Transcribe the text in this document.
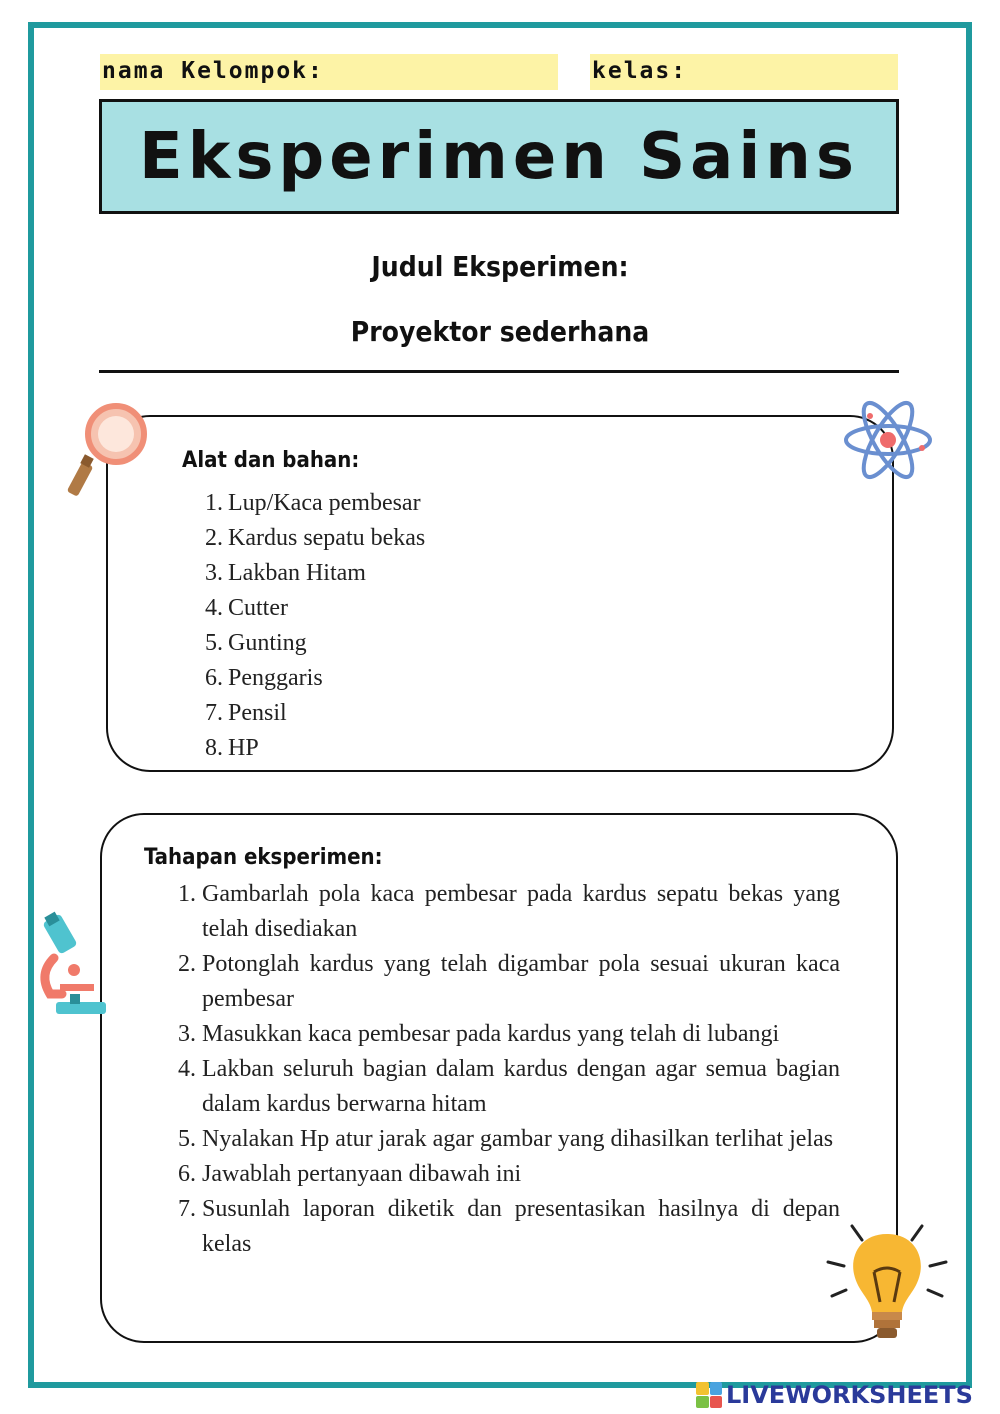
nama Kelompok:	kelas:
Eksperimen Sains
Judul Eksperimen:
Proyektor sederhana
Alat dan bahan:
1. Lup/Kaca pembesar
2. Kardus sepatu bekas
3. Lakban Hitam
4. Cutter
5. Gunting
6. Penggaris
7. Pensil
8. HP
Tahapan eksperimen:
1. Gambarlah pola kaca pembesar pada kardus sepatu bekas yang telah disediakan
2. Potonglah kardus yang telah digambar pola sesuai ukuran kaca pembesar
3. Masukkan kaca pembesar pada kardus yang telah di lubangi
4. Lakban seluruh bagian dalam kardus dengan agar semua bagian dalam kardus berwarna hitam
5. Nyalakan Hp atur jarak agar gambar yang dihasilkan terlihat jelas
6. Jawablah pertanyaan dibawah ini
7. Susunlah laporan diketik dan presentasikan hasilnya di depan kelas
LIVEWORKSHEETS
